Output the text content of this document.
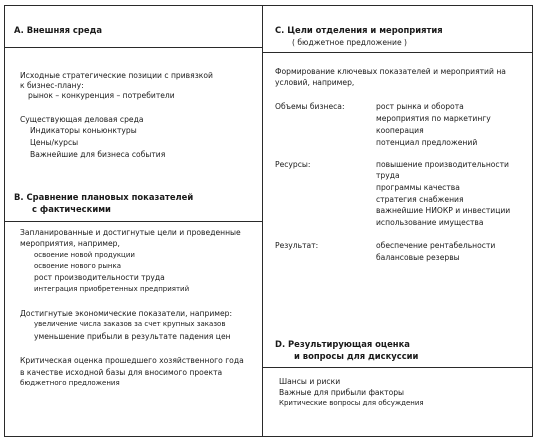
A. Внешняя среда
Исходные стратегические позиции с привязкой
к бизнес-плану:
рынок – конкуренция – потребители
Существующая деловая среда
Индикаторы коньюнктуры
Цены/курсы
Важнейшие для бизнеса события
B. Сравнение плановых показателей
с фактическими
Запланированные и достигнутые цели и проведенные
мероприятия, например,
освоение новой продукции
освоение нового рынка
рост производительности труда
интеграция приобретенных предприятий
Достигнутые экономические показатели, например:
увеличение числа заказов за счет крупных заказов
уменьшение прибыли в результате падения цен
Критическая оценка прошедшего хозяйственного года
в качестве исходной базы для вносимого проекта
бюджетного предложения
C. Цели отделения и мероприятия
( бюджетное предложение )
Формирование ключевых показателей и мероприятий на
условий, например,
Объемы бизнеса:	рост рынка и оборота
мероприятия по маркетингу
кооперация
потенциал предложений
Ресурсы:	повышение производительности
труда
программы качества
стратегия снабжения
важнейшие НИОКР и инвестиции
использование имущества
Результат:	обеспечение рентабельности
балансовые резервы
D. Результирующая оценка
и вопросы для дискуссии
Шансы и риски
Важные для прибыли факторы
Критические вопросы для обсуждения
